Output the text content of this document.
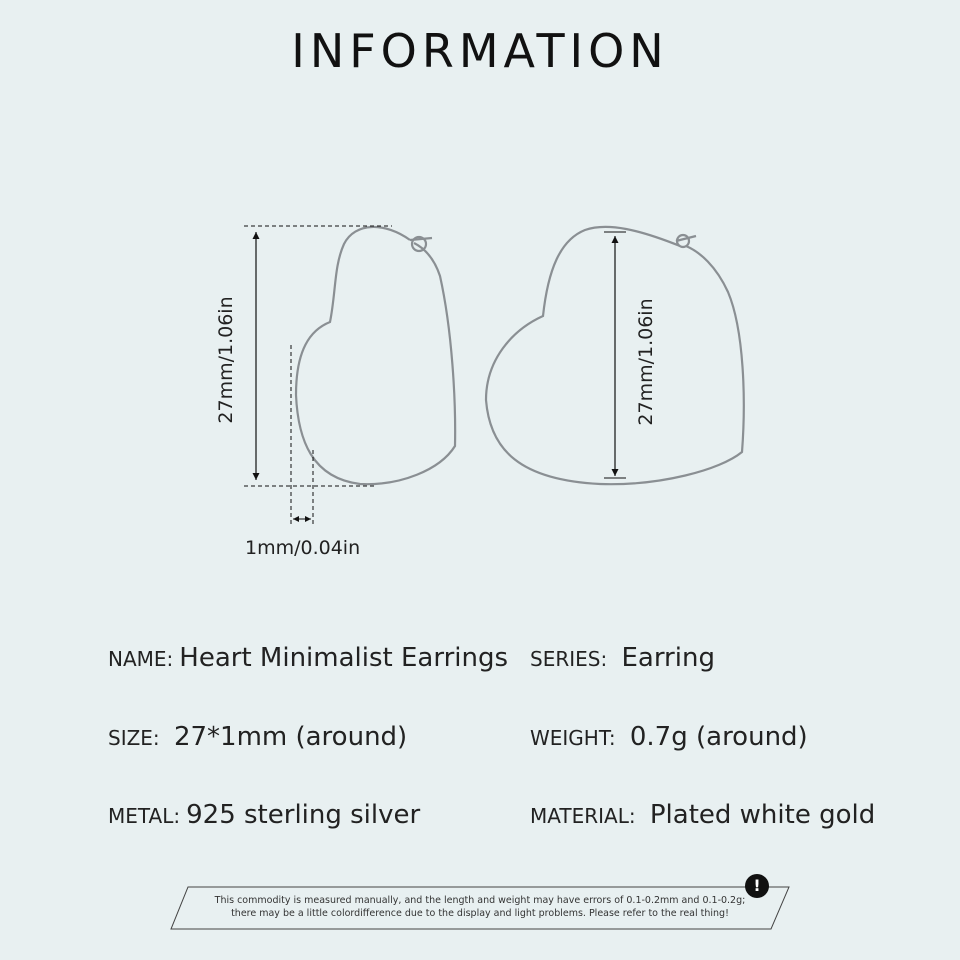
INFORMATION
27mm/1.06in
1mm/0.04in
27mm/1.06in
NAME: Heart Minimalist Earrings SERIES: Earring
SIZE: 27*1mm (around)	WEIGHT: 0.7g (around)
METAL: 925 sterling silver	MATERIAL: Plated white gold
This commodity is measured manually, and the length and weight may have errors of 0.1-0.2mm and 0.1-0.2g;
there may be a little colordifference due to the display and light problems. Please refer to the real thing!
!
